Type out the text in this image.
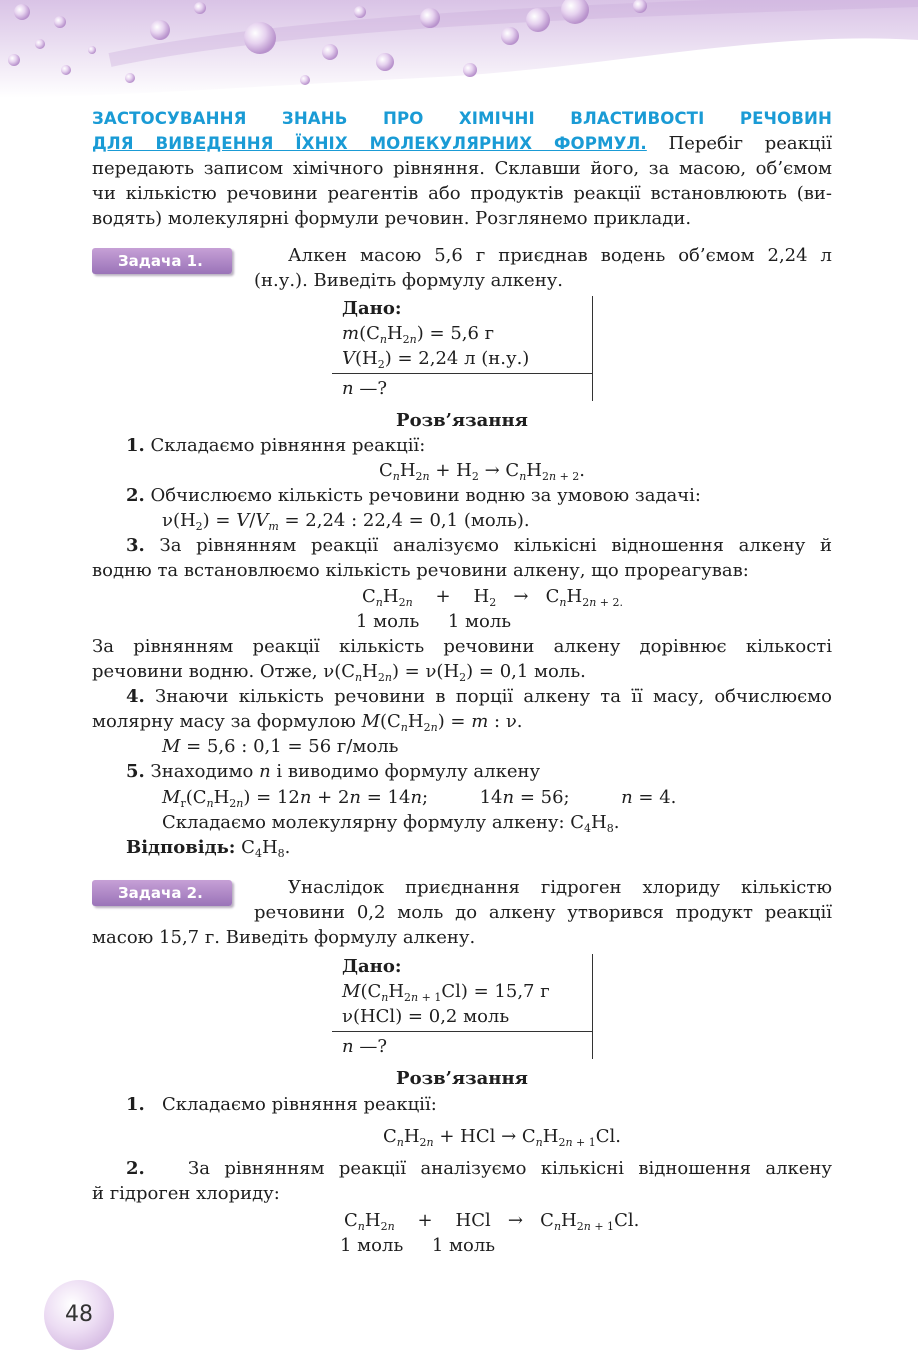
ЗАСТОСУВАННЯ ЗНАНЬ ПРО ХІМІЧНІ ВЛАСТИВОСТІ РЕЧОВИН
ДЛЯ ВИВЕДЕННЯ ЇХНІХ МОЛЕКУЛЯРНИХ ФОРМУЛ. Перебіг реакції
передають записом хімічного рівняння. Склавши його, за масою, об’ємом
чи кількістю речовини реагентів або продуктів реакції встановлюють (ви-
водять) молекулярні формули речовин. Розглянемо приклади.
Задача 1.	Алкен масою 5,6 г приєднав водень об’ємом 2,24 л
(н.у.). Виведіть формулу алкену.
Дано:
$m(C_nH_{2n}) = 5,6$ г
$V(H_2) = 2,24$ л (н.у.)
n —?
Розв’язання
1. Складаємо рівняння реакції:
$C_nH_{2n} + H_2 \to C_nH_{2n + 2}$.
2. Обчислюємо кількість речовини водню за умовою задачі:
$\nu(H_2) = V/V_m = 2,24$ : 22,4 = 0,1 (моль).
3. За рівнянням реакції аналізуємо кількісні відношення алкену й
водню та встановлюємо кількість речовини алкену, що прореагував:
$C_nH_{2n}$    +    $H_2 \to C_nH_{2n + 2.}$
1 моль 1 моль
За рівнянням реакції кількість речовини алкену дорівнює кількості
речовини водню. Отже, $\nu(C_nH_{2n}) = \nu(H_2) = 0,1$ моль.
4. Знаючи кількість речовини в порції алкену та її масу, обчислюємо
молярну масу за формулою $M(C_nH_{2n}) = m$ : ν.
M = 5,6 : 0,1 = 56 г/моль
5. Знаходимо n і виводимо формулу алкену
$M_r(C_nH_{2n}) = 12n + 2n = 14n$;         14n = 56;         n = 4.
Складаємо молекулярну формулу алкену: $C_4H_8$.
Відповідь: $C_4H_8$.
Задача 2.	Унаслідок приєднання гідроген хлориду кількістю
речовини 0,2 моль до алкену утворився продукт реакції
масою 15,7 г. Виведіть формулу алкену.
Дано:
$M(C_nH_{2n + 1}Cl) = 15,7$ г
ν(HCl) = 0,2 моль
n —?
Розв’язання
1. Складаємо рівняння реакції:
$C_nH_{2n}$ + HCl → $C_nH_{2n + 1}Cl$.
2. За рівнянням реакції аналізуємо кількісні відношення алкену
й гідроген хлориду:
$C_nH_{2n}$    +    HCl   →   $C_nH_{2n + 1}Cl$.
1 моль 1 моль
48
